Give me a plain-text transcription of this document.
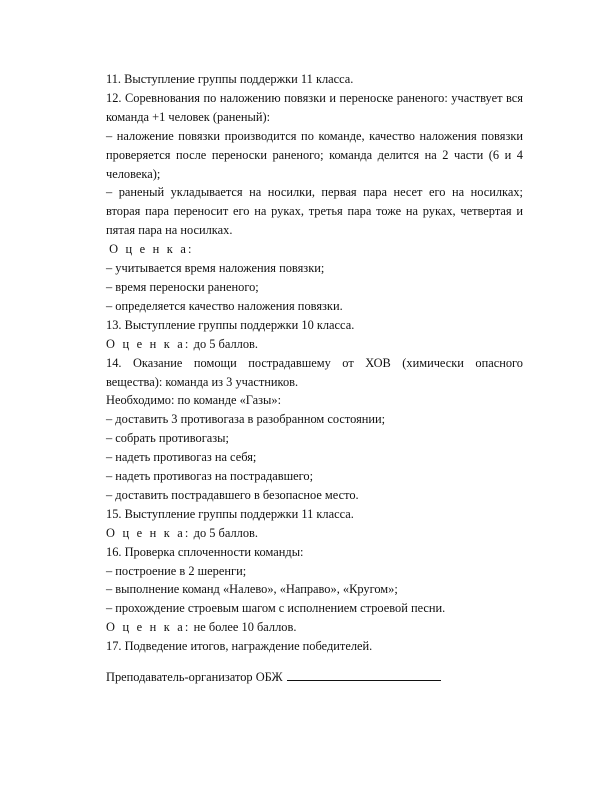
11. Выступление группы поддержки 11 класса.

12. Соревнования по наложению повязки и переноске раненого: участвует вся команда +1 человек (раненый):

– наложение повязки производится по команде, качество наложения повязки проверяется после переноски раненого; команда делится на 2 части (6 и 4 человека);

– раненый укладывается на носилки, первая пара несет его на носилках; вторая пара переносит его на руках, третья пара тоже на руках, четвертая и пятая пара на носилках.

О ц е н к а:

– учитывается время наложения повязки;

– время переноски раненого;

– определяется качество наложения повязки.

13. Выступление группы поддержки 10 класса.

О ц е н к а: до 5 баллов.

14. Оказание помощи пострадавшему от ХОВ (химически опасного вещества): команда из 3 участников.

Необходимо: по команде «Газы»:

– доставить 3 противогаза в разобранном состоянии;

– собрать противогазы;

– надеть противогаз на себя;

– надеть противогаз на пострадавшего;

– доставить пострадавшего в безопасное место.

15. Выступление группы поддержки 11 класса.

О ц е н к а: до 5 баллов.

16. Проверка сплоченности команды:

– построение в 2 шеренги;

– выполнение команд «Налево», «Направо», «Кругом»;

– прохождение строевым шагом с исполнением строевой песни.

О ц е н к а: не более 10 баллов.

17. Подведение итогов, награждение победителей.

Преподаватель-организатор ОБЖ
